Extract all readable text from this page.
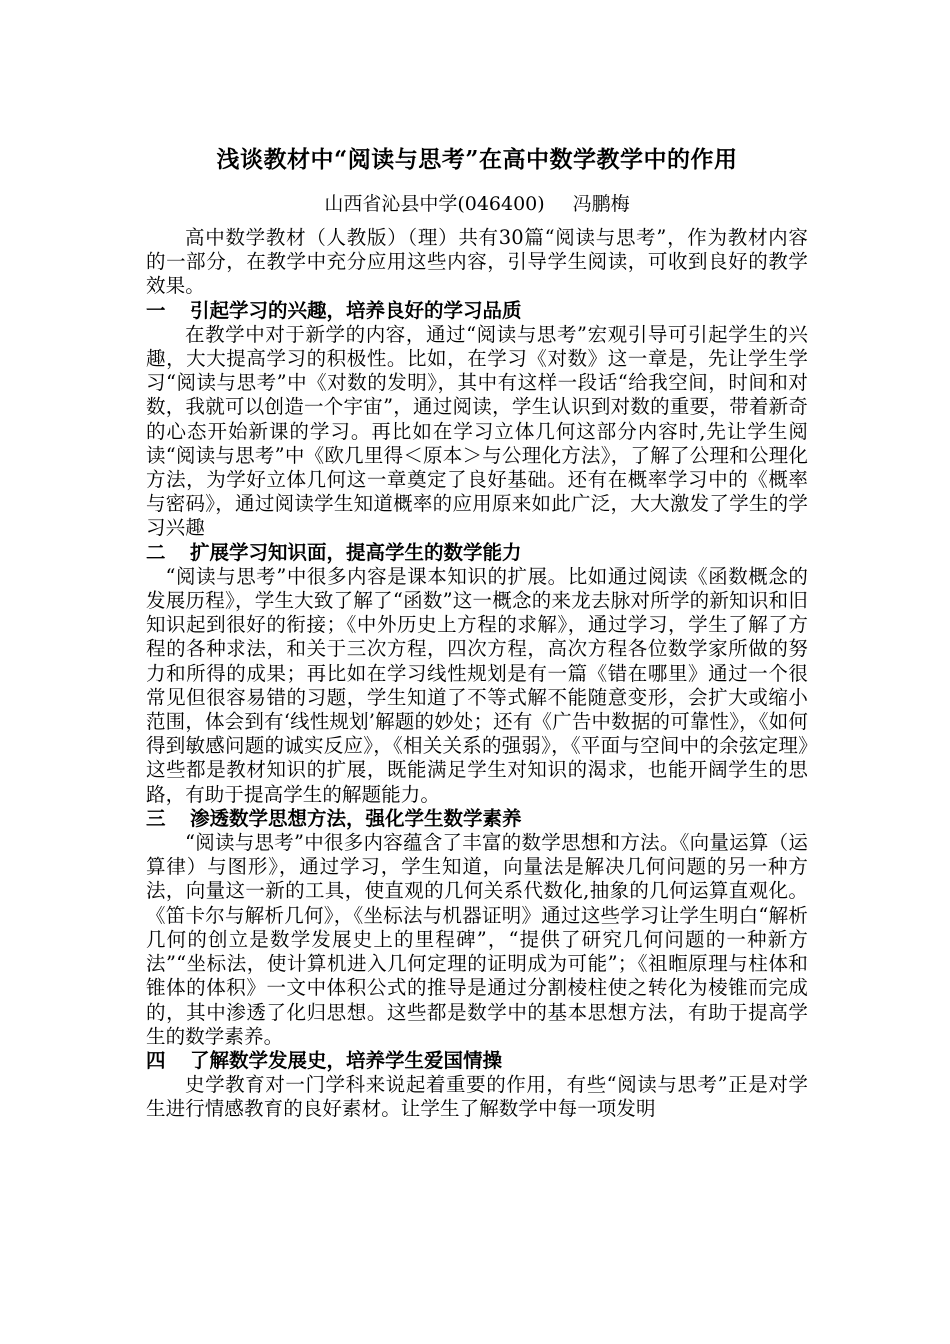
浅谈教材中“阅读与思考”在高中数学教学中的作用

山西省沁县中学(046400) 冯鹏梅

高中数学教材（人教版）（理）共有30篇“阅读与思考”，作为教材内容的一部分，在教学中充分应用这些内容，引导学生阅读，可收到良好的教学效果。

一 引起学习的兴趣，培养良好的学习品质

在教学中对于新学的内容，通过“阅读与思考”宏观引导可引起学生的兴趣，大大提高学习的积极性。比如，在学习《对数》这一章是，先让学生学习“阅读与思考”中《对数的发明》，其中有这样一段话“给我空间，时间和对数，我就可以创造一个宇宙”，通过阅读，学生认识到对数的重要，带着新奇的心态开始新课的学习。再比如在学习立体几何这部分内容时,先让学生阅读“阅读与思考”中《欧几里得＜原本＞与公理化方法》，了解了公理和公理化方法，为学好立体几何这一章奠定了良好基础。还有在概率学习中的《概率与密码》，通过阅读学生知道概率的应用原来如此广泛，大大激发了学生的学习兴趣

二 扩展学习知识面，提高学生的数学能力

“阅读与思考”中很多内容是课本知识的扩展。比如通过阅读《函数概念的发展历程》，学生大致了解了“函数”这一概念的来龙去脉对所学的新知识和旧知识起到很好的衔接；《中外历史上方程的求解》，通过学习，学生了解了方程的各种求法，和关于三次方程，四次方程，高次方程各位数学家所做的努力和所得的成果；再比如在学习线性规划是有一篇《错在哪里》通过一个很常见但很容易错的习题，学生知道了不等式解不能随意变形，会扩大或缩小范围，体会到有‘线性规划’解题的妙处；还有《广告中数据的可靠性》，《如何得到敏感问题的诚实反应》，《相关关系的强弱》，《平面与空间中的余弦定理》这些都是教材知识的扩展，既能满足学生对知识的渴求，也能开阔学生的思路，有助于提高学生的解题能力。

三 渗透数学思想方法，强化学生数学素养

“阅读与思考”中很多内容蕴含了丰富的数学思想和方法。《向量运算（运算律）与图形》，通过学习，学生知道，向量法是解决几何问题的另一种方法，向量这一新的工具，使直观的几何关系代数化,抽象的几何运算直观化。《笛卡尔与解析几何》，《坐标法与机器证明》通过这些学习让学生明白“解析几何的创立是数学发展史上的里程碑”，“提供了研究几何问题的一种新方法”“坐标法，使计算机进入几何定理的证明成为可能”；《祖暅原理与柱体和锥体的体积》一文中体积公式的推导是通过分割棱柱使之转化为棱锥而完成的，其中渗透了化归思想。这些都是数学中的基本思想方法，有助于提高学生的数学素养。

四 了解数学发展史，培养学生爱国情操

史学教育对一门学科来说起着重要的作用，有些“阅读与思考”正是对学生进行情感教育的良好素材。让学生了解数学中每一项发明
